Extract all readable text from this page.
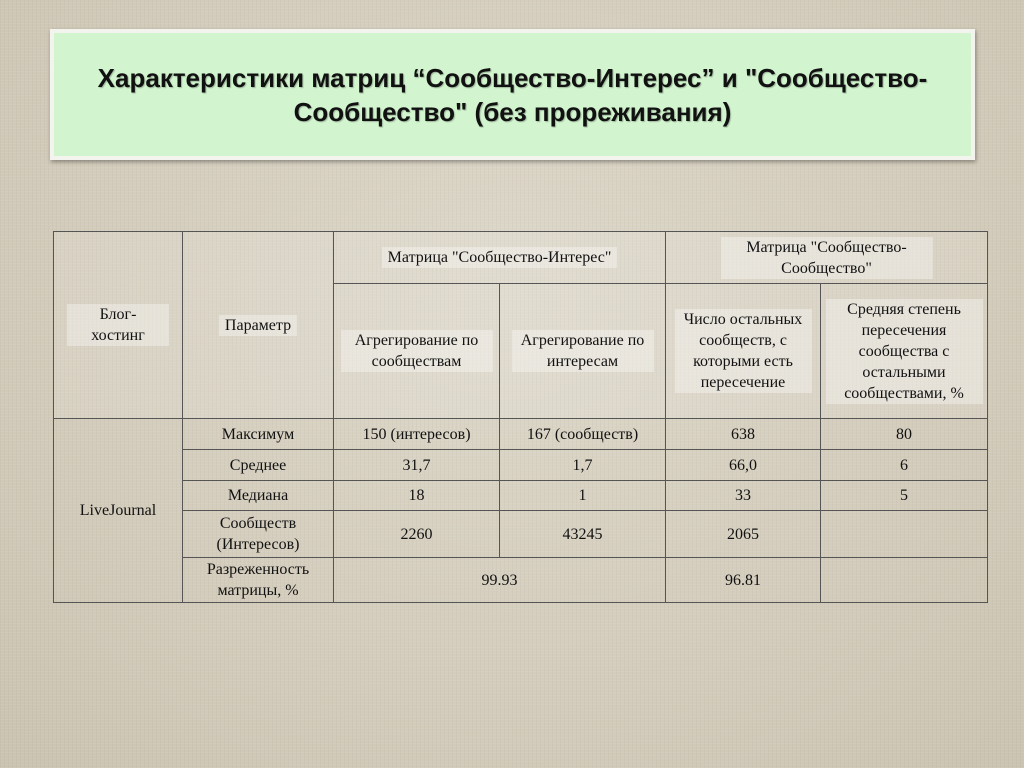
Характеристики матриц “Сообщество-Интерес” и "Сообщество-Сообщество" (без прореживания)
Блог-хостинг	Параметр	Матрица "Сообщество-Интерес"		Матрица "Сообщество-Сообщество"	
		Агрегирование по сообществам	Агрегирование по интересам	Число остальных сообществ, с которыми есть пересечение	Средняя степень пересечения сообщества с остальными сообществами, %
LiveJournal	Максимум	150 (интересов)	167 (сообществ)	638	80
	Среднее	31,7	1,7	66,0	6
	Медиана	18	1	33	5
	Сообществ (Интересов)	2260	43245	2065	
	Разреженность матрицы, %	99.93		96.81	
